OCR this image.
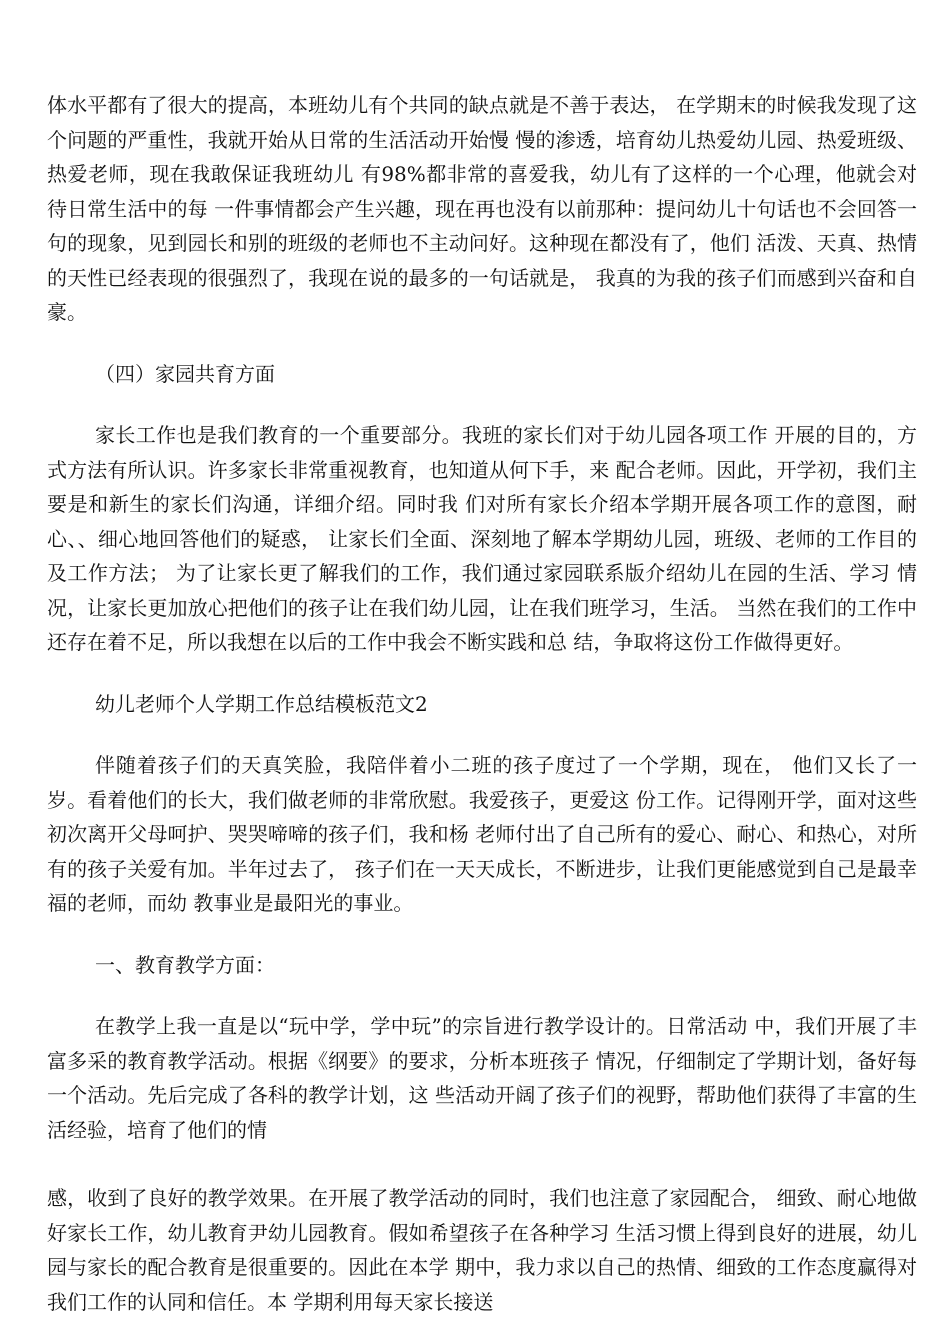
体水平都有了很大的提高，本班幼儿有个共同的缺点就是不善于表达， 在学期末的时候我发现了这个问题的严重性，我就开始从日常的生活活动开始慢 慢的渗透，培育幼儿热爱幼儿园、热爱班级、热爱老师，现在我敢保证我班幼儿 有98%都非常的喜爱我，幼儿有了这样的一个心理，他就会对待日常生活中的每 一件事情都会产生兴趣，现在再也没有以前那种：提问幼儿十句话也不会回答一 句的现象，见到园长和别的班级的老师也不主动问好。这种现在都没有了，他们 活泼、天真、热情的天性已经表现的很强烈了，我现在说的最多的一句话就是， 我真的为我的孩子们而感到兴奋和自豪。

（四）家园共育方面

家长工作也是我们教育的一个重要部分。我班的家长们对于幼儿园各项工作 开展的目的，方式方法有所认识。许多家长非常重视教育，也知道从何下手，来 配合老师。因此，开学初，我们主要是和新生的家长们沟通，详细介绍。同时我 们对所有家长介绍本学期开展各项工作的意图，耐心、、细心地回答他们的疑惑， 让家长们全面、深刻地了解本学期幼儿园，班级、老师的工作目的及工作方法； 为了让家长更了解我们的工作，我们通过家园联系版介绍幼儿在园的生活、学习 情况，让家长更加放心把他们的孩子让在我们幼儿园，让在我们班学习，生活。 当然在我们的工作中还存在着不足，所以我想在以后的工作中我会不断实践和总 结，争取将这份工作做得更好。

幼儿老师个人学期工作总结模板范文2

伴随着孩子们的天真笑脸，我陪伴着小二班的孩子度过了一个学期，现在， 他们又长了一岁。看着他们的长大，我们做老师的非常欣慰。我爱孩子，更爱这 份工作。记得刚开学，面对这些初次离开父母呵护、哭哭啼啼的孩子们，我和杨 老师付出了自己所有的爱心、耐心、和热心，对所有的孩子关爱有加。半年过去了， 孩子们在一天天成长，不断进步，让我们更能感觉到自己是最幸福的老师，而幼 教事业是最阳光的事业。

一、教育教学方面：

在教学上我一直是以“玩中学，学中玩”的宗旨进行教学设计的。日常活动 中，我们开展了丰富多采的教育教学活动。根据《纲要》的要求，分析本班孩子 情况，仔细制定了学期计划，备好每一个活动。先后完成了各科的教学计划，这 些活动开阔了孩子们的视野，帮助他们获得了丰富的生活经验，培育了他们的情

感，收到了良好的教学效果。在开展了教学活动的同时，我们也注意了家园配合， 细致、耐心地做好家长工作，幼儿教育尹幼儿园教育。假如希望孩子在各种学习 生活习惯上得到良好的进展，幼儿园与家长的配合教育是很重要的。因此在本学 期中，我力求以自己的热情、细致的工作态度赢得对我们工作的认同和信任。本 学期利用每天家长接送
